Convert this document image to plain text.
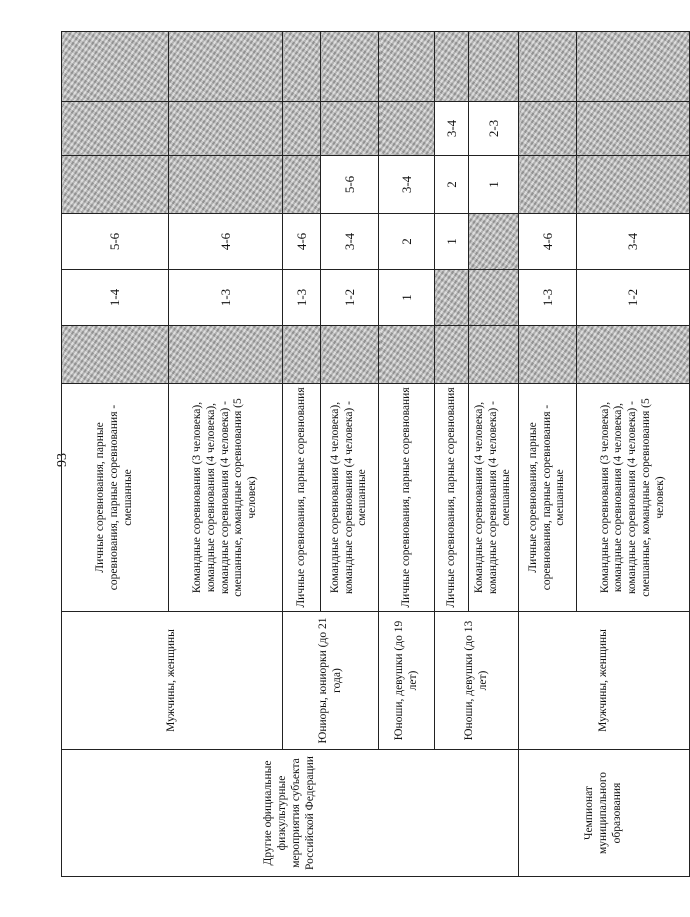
93
Другие официальные физкультурные мероприятия субъекта Российской Федерации	Мужчины, женщины	Личные соревнования, парные соревнования, парные соревнования - смешанные		1-4	5-6			
		Командные соревнования (3 человека), командные соревнования (4 человека), командные соревнования (4 человека) - смешанные, командные соревнования (5 человек)		1-3	4-6			
	Юниоры, юниорки (до 21 года)	Личные соревнования, парные соревнования		1-3	4-6			
		Командные соревнования (4 человека), командные соревнования (4 человека) - смешанные		1-2	3-4	5-6		
	Юноши, девушки (до 19 лет)	Личные соревнования, парные соревнования		1	2	3-4		
	Юноши, девушки (до 13 лет)	Личные соревнования, парные соревнования			1	2	3-4	
		Командные соревнования (4 человека), командные соревнования (4 человека) - смешанные				1	2-3	
Чемпионат муниципального образования	Мужчины, женщины	Личные соревнования, парные соревнования, парные соревнования - смешанные		1-3	4-6			
		Командные соревнования (3 человека), командные соревнования (4 человека), командные соревнования (4 человека) - смешанные, командные соревнования (5 человек)		1-2	3-4			
